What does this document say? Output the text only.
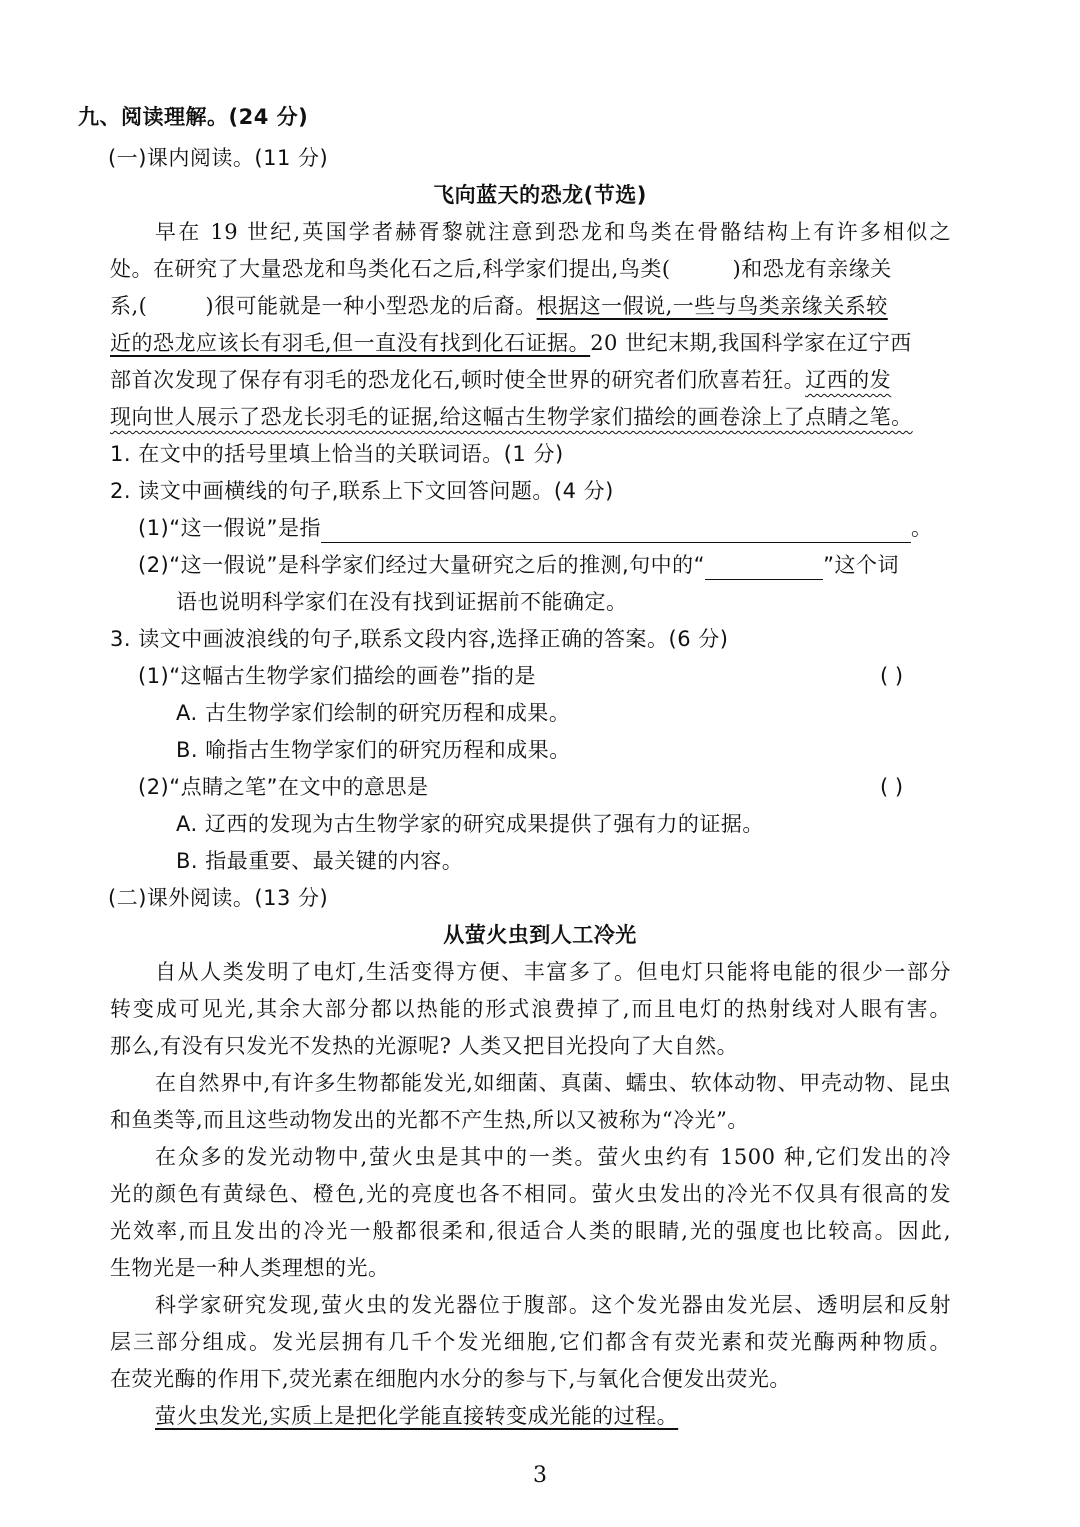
九、阅读理解。(24 分)
(一)课内阅读。(11 分)
飞向蓝天的恐龙(节选)
早在 19 世纪,英国学者赫胥黎就注意到恐龙和鸟类在骨骼结构上有许多相似之
处。在研究了大量恐龙和鸟类化石之后,科学家们提出,鸟类(	)和恐龙有亲缘关
系,(	)很可能就是一种小型恐龙的后裔。根据这一假说,一些与鸟类亲缘关系较
近的恐龙应该长有羽毛,但一直没有找到化石证据。20 世纪末期,我国科学家在辽宁西
部首次发现了保存有羽毛的恐龙化石,顿时使全世界的研究者们欣喜若狂。辽西的发
现向世人展示了恐龙长羽毛的证据,给这幅古生物学家们描绘的画卷涂上了点睛之笔。
1. 在文中的括号里填上恰当的关联词语。(1 分)
2. 读文中画横线的句子,联系上下文回答问题。(4 分)
(1)“这一假说”是指	。
(2)“这一假说”是科学家们经过大量研究之后的推测,句中的“	”这个词
语也说明科学家们在没有找到证据前不能确定。
3. 读文中画波浪线的句子,联系文段内容,选择正确的答案。(6 分)
(1)“这幅古生物学家们描绘的画卷”指的是	( )
A. 古生物学家们绘制的研究历程和成果。
B. 喻指古生物学家们的研究历程和成果。
(2)“点睛之笔”在文中的意思是	( )
A. 辽西的发现为古生物学家的研究成果提供了强有力的证据。
B. 指最重要、最关键的内容。
(二)课外阅读。(13 分)
从萤火虫到人工冷光
自从人类发明了电灯,生活变得方便、丰富多了。但电灯只能将电能的很少一部分
转变成可见光,其余大部分都以热能的形式浪费掉了,而且电灯的热射线对人眼有害。
那么,有没有只发光不发热的光源呢? 人类又把目光投向了大自然。
在自然界中,有许多生物都能发光,如细菌、真菌、蠕虫、软体动物、甲壳动物、昆虫
和鱼类等,而且这些动物发出的光都不产生热,所以又被称为“冷光”。
在众多的发光动物中,萤火虫是其中的一类。萤火虫约有 1500 种,它们发出的冷
光的颜色有黄绿色、橙色,光的亮度也各不相同。萤火虫发出的冷光不仅具有很高的发
光效率,而且发出的冷光一般都很柔和,很适合人类的眼睛,光的强度也比较高。因此,
生物光是一种人类理想的光。
科学家研究发现,萤火虫的发光器位于腹部。这个发光器由发光层、透明层和反射
层三部分组成。发光层拥有几千个发光细胞,它们都含有荧光素和荧光酶两种物质。
在荧光酶的作用下,荧光素在细胞内水分的参与下,与氧化合便发出荧光。
萤火虫发光,实质上是把化学能直接转变成光能的过程。
3
